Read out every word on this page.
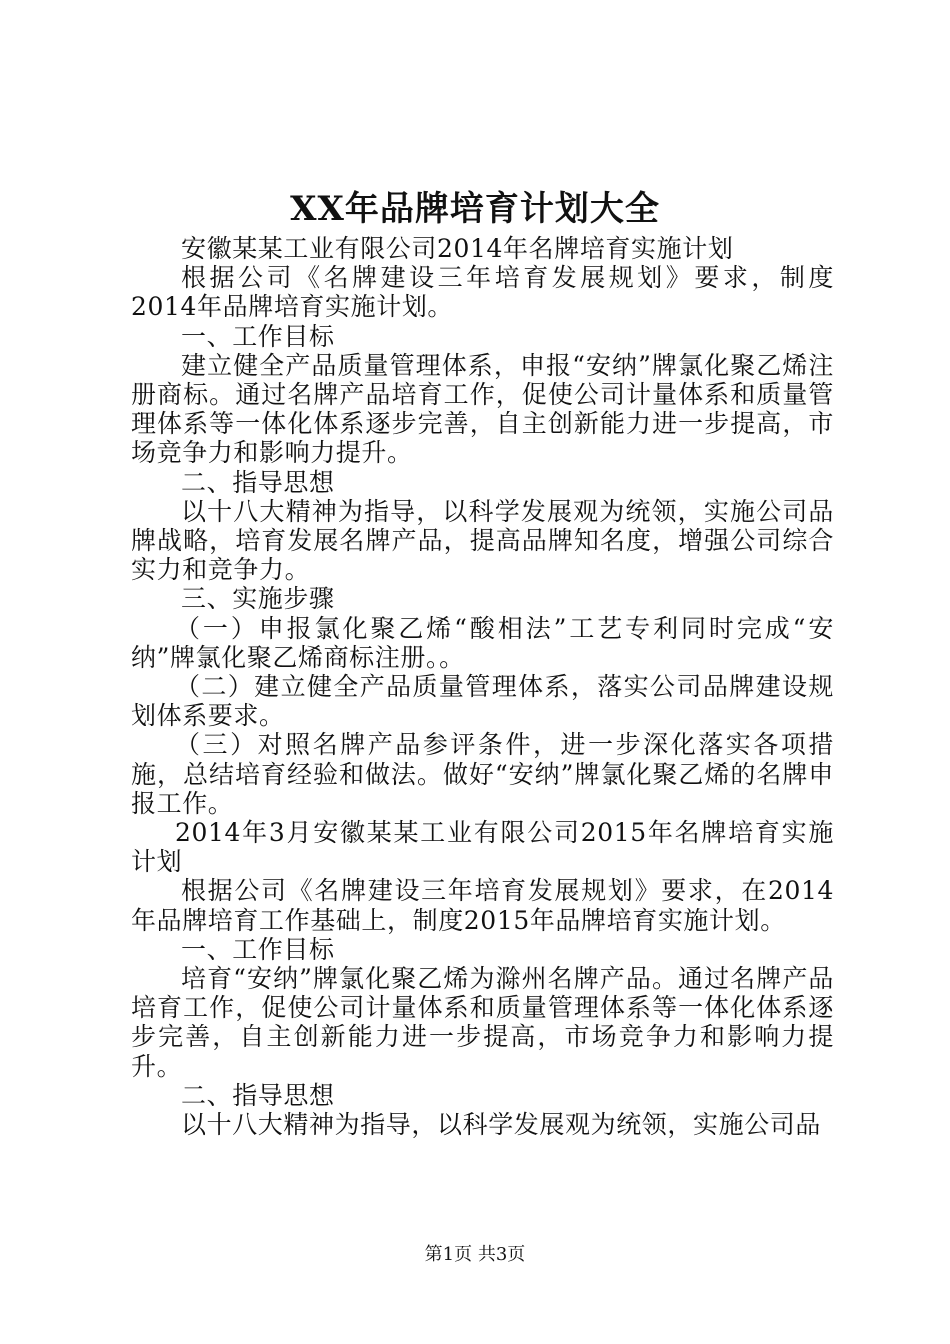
XX年品牌培育计划大全

安徽某某工业有限公司2014年名牌培育实施计划

根据公司《名牌建设三年培育发展规划》要求，制度2014年品牌培育实施计划。

一、工作目标

建立健全产品质量管理体系，申报“安纳”牌氯化聚乙烯注册商标。通过名牌产品培育工作，促使公司计量体系和质量管理体系等一体化体系逐步完善，自主创新能力进一步提高，市场竞争力和影响力提升。

二、指导思想

以十八大精神为指导，以科学发展观为统领，实施公司品牌战略，培育发展名牌产品，提高品牌知名度，增强公司综合实力和竞争力。

三、实施步骤

（一）申报氯化聚乙烯“酸相法”工艺专利同时完成“安纳”牌氯化聚乙烯商标注册。。

（二）建立健全产品质量管理体系，落实公司品牌建设规划体系要求。

（三）对照名牌产品参评条件，进一步深化落实各项措施，总结培育经验和做法。做好“安纳”牌氯化聚乙烯的名牌申报工作。

2014年3月安徽某某工业有限公司2015年名牌培育实施计划

根据公司《名牌建设三年培育发展规划》要求，在2014年品牌培育工作基础上，制度2015年品牌培育实施计划。

一、工作目标

培育“安纳”牌氯化聚乙烯为滁州名牌产品。通过名牌产品培育工作，促使公司计量体系和质量管理体系等一体化体系逐步完善，自主创新能力进一步提高，市场竞争力和影响力提升。

二、指导思想

以十八大精神为指导，以科学发展观为统领，实施公司品

第1页 共3页
